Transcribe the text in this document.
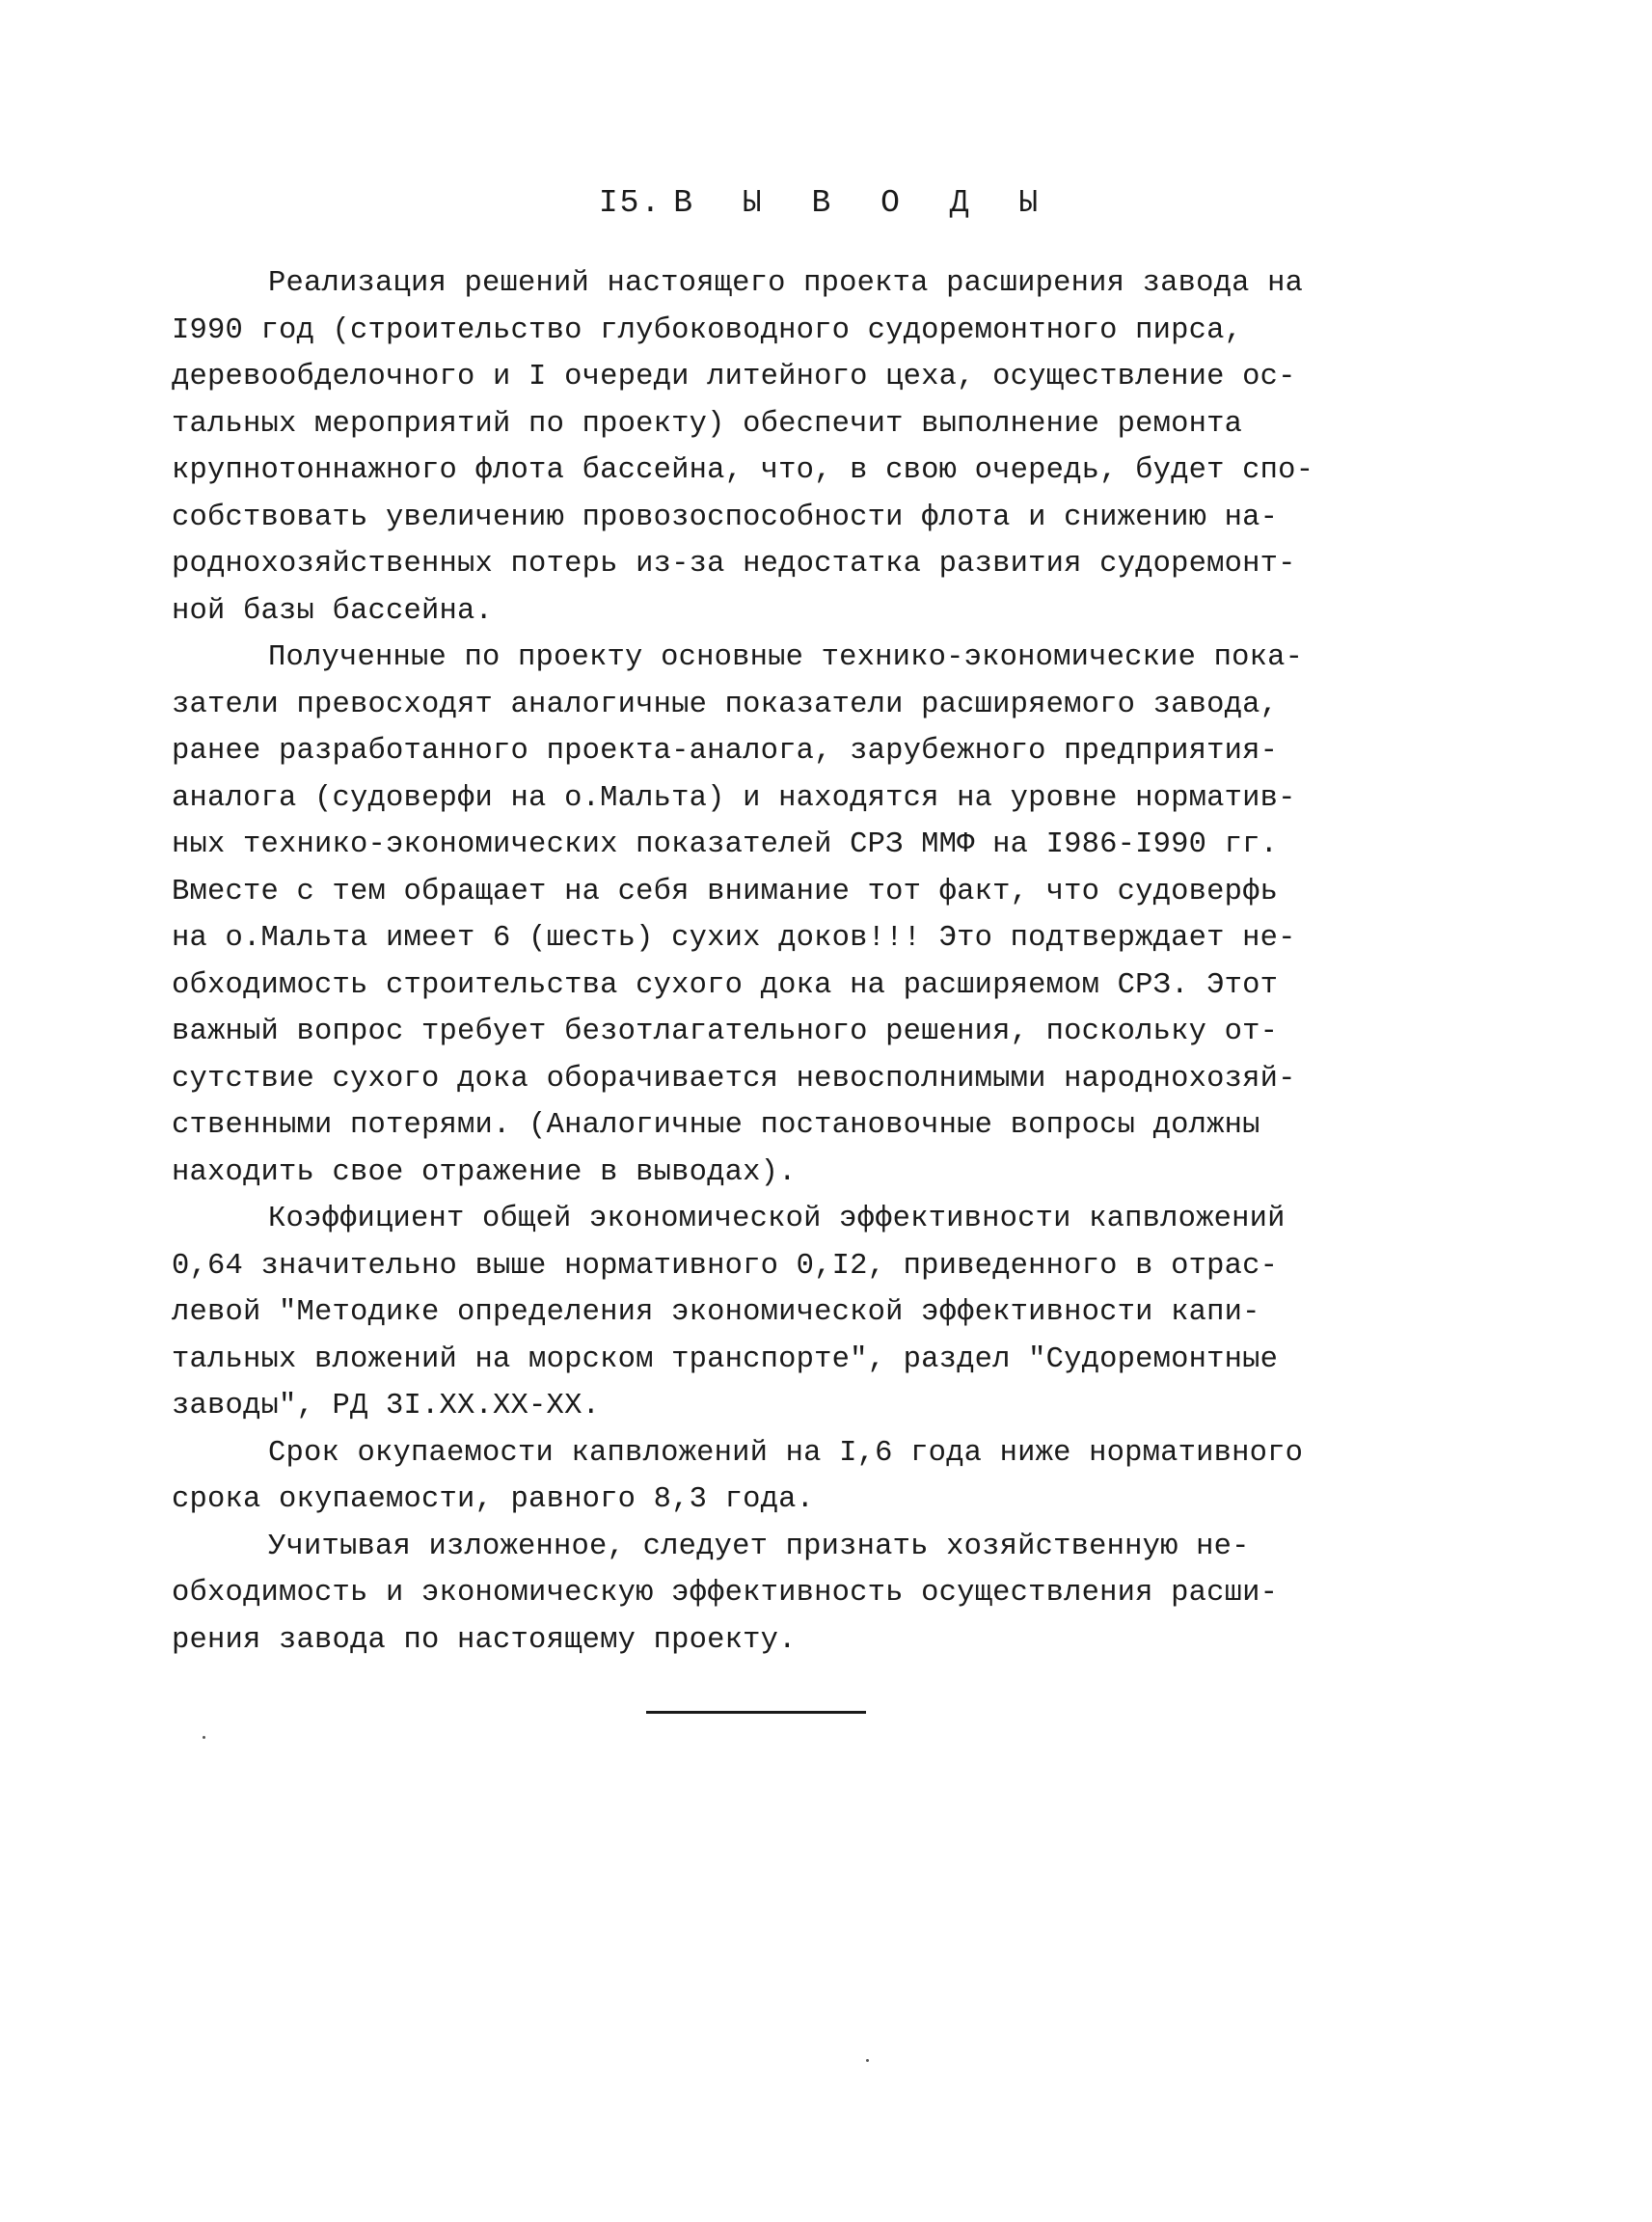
I5. В Ы В О Д Ы
Реализация решений настоящего проекта расширения завода на
I990 год (строительство глубоководного судоремонтного пирса,
деревообделочного и I очереди литейного цеха, осуществление ос-
тальных мероприятий по проекту) обеспечит выполнение ремонта
крупнотоннажного флота бассейна, что, в свою очередь, будет спо-
собствовать увеличению провозоспособности флота и снижению на-
роднохозяйственных потерь из-за недостатка развития судоремонт-
ной базы бассейна.
Полученные по проекту основные технико-экономические пока-
затели превосходят аналогичные показатели расширяемого завода,
ранее разработанного проекта-аналога, зарубежного предприятия-
аналога (судоверфи на о.Мальта) и находятся на уровне норматив-
ных технико-экономических показателей СРЗ ММФ на I986-I990 гг.
Вместе с тем обращает на себя внимание тот факт, что судоверфь
на о.Мальта имеет 6 (шесть) сухих доков!!! Это подтверждает не-
обходимость строительства сухого дока на расширяемом СРЗ. Этот
важный вопрос требует безотлагательного решения, поскольку от-
сутствие сухого дока оборачивается невосполнимыми народнохозяй-
ственными потерями. (Аналогичные постановочные вопросы должны
находить свое отражение в выводах).
Коэффициент общей экономической эффективности капвложений
0,64 значительно выше нормативного 0,I2, приведенного в отрас-
левой "Методике определения экономической эффективности капи-
тальных вложений на морском транспорте", раздел "Судоремонтные
заводы", РД 3I.ХХ.ХХ-ХХ.
Срок окупаемости капвложений на I,6 года ниже нормативного
срока окупаемости, равного 8,3 года.
Учитывая изложенное, следует признать хозяйственную не-
обходимость и экономическую эффективность осуществления расши-
рения завода по настоящему проекту.
